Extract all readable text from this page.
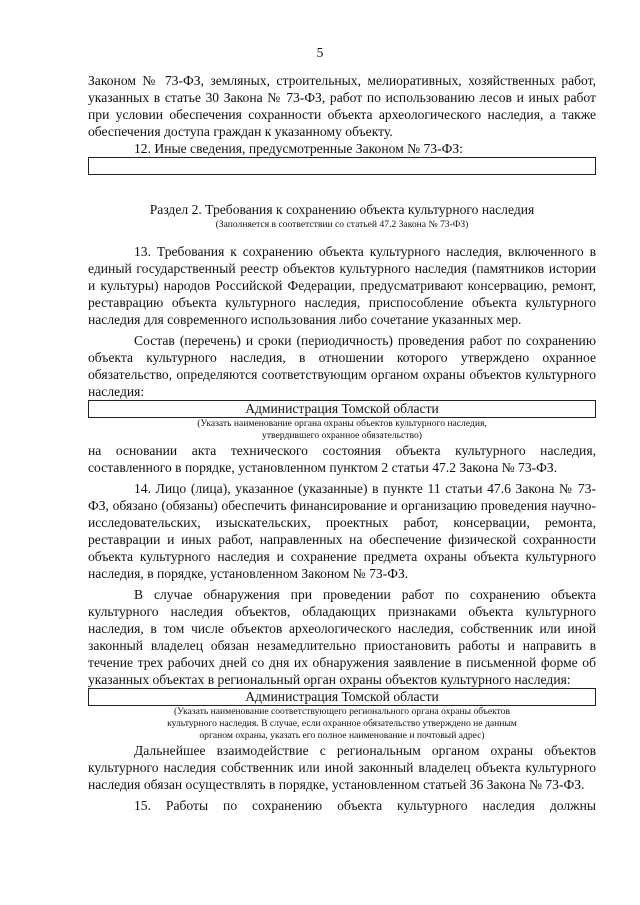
5

Законом № 73-ФЗ, земляных, строительных, мелиоративных, хозяйственных работ, указанных в статье 30 Закона № 73-ФЗ, работ по использованию лесов и иных работ при условии обеспечения сохранности объекта археологического наследия, а также обеспечения доступа граждан к указанному объекту.

12. Иные сведения, предусмотренные Законом № 73-ФЗ:

Раздел 2. Требования к сохранению объекта культурного наследия
(Заполняется в соответствии со статьей 47.2 Закона № 73-ФЗ)

13. Требования к сохранению объекта культурного наследия, включенного в единый государственный реестр объектов культурного наследия (памятников истории и культуры) народов Российской Федерации, предусматривают консервацию, ремонт, реставрацию объекта культурного наследия, приспособление объекта культурного наследия для современного использования либо сочетание указанных мер.

Состав (перечень) и сроки (периодичность) проведения работ по сохранению объекта культурного наследия, в отношении которого утверждено охранное обязательство, определяются соответствующим органом охраны объектов культурного наследия:

Администрация Томской области
(Указать наименование органа охраны объектов культурного наследия,
утвердившего охранное обязательство)

на основании акта технического состояния объекта культурного наследия, составленного в порядке, установленном пунктом 2 статьи 47.2 Закона № 73-ФЗ.

14. Лицо (лица), указанное (указанные) в пункте 11 статьи 47.6 Закона № 73-ФЗ, обязано (обязаны) обеспечить финансирование и организацию проведения научно-исследовательских, изыскательских, проектных работ, консервации, ремонта, реставрации и иных работ, направленных на обеспечение физической сохранности объекта культурного наследия и сохранение предмета охраны объекта культурного наследия, в порядке, установленном Законом № 73-ФЗ.

В случае обнаружения при проведении работ по сохранению объекта культурного наследия объектов, обладающих признаками объекта культурного наследия, в том числе объектов археологического наследия, собственник или иной законный владелец обязан незамедлительно приостановить работы и направить в течение трех рабочих дней со дня их обнаружения заявление в письменной форме об указанных объектах в региональный орган охраны объектов культурного наследия:

Администрация Томской области
(Указать наименование соответствующего регионального органа охраны объектов
культурного наследия. В случае, если охранное обязательство утверждено не данным
органом охраны, указать его полное наименование и почтовый адрес)

Дальнейшее взаимодействие с региональным органом охраны объектов культурного наследия собственник или иной законный владелец объекта культурного наследия обязан осуществлять в порядке, установленном статьей 36 Закона № 73-ФЗ.

15. Работы по сохранению объекта культурного наследия должны
